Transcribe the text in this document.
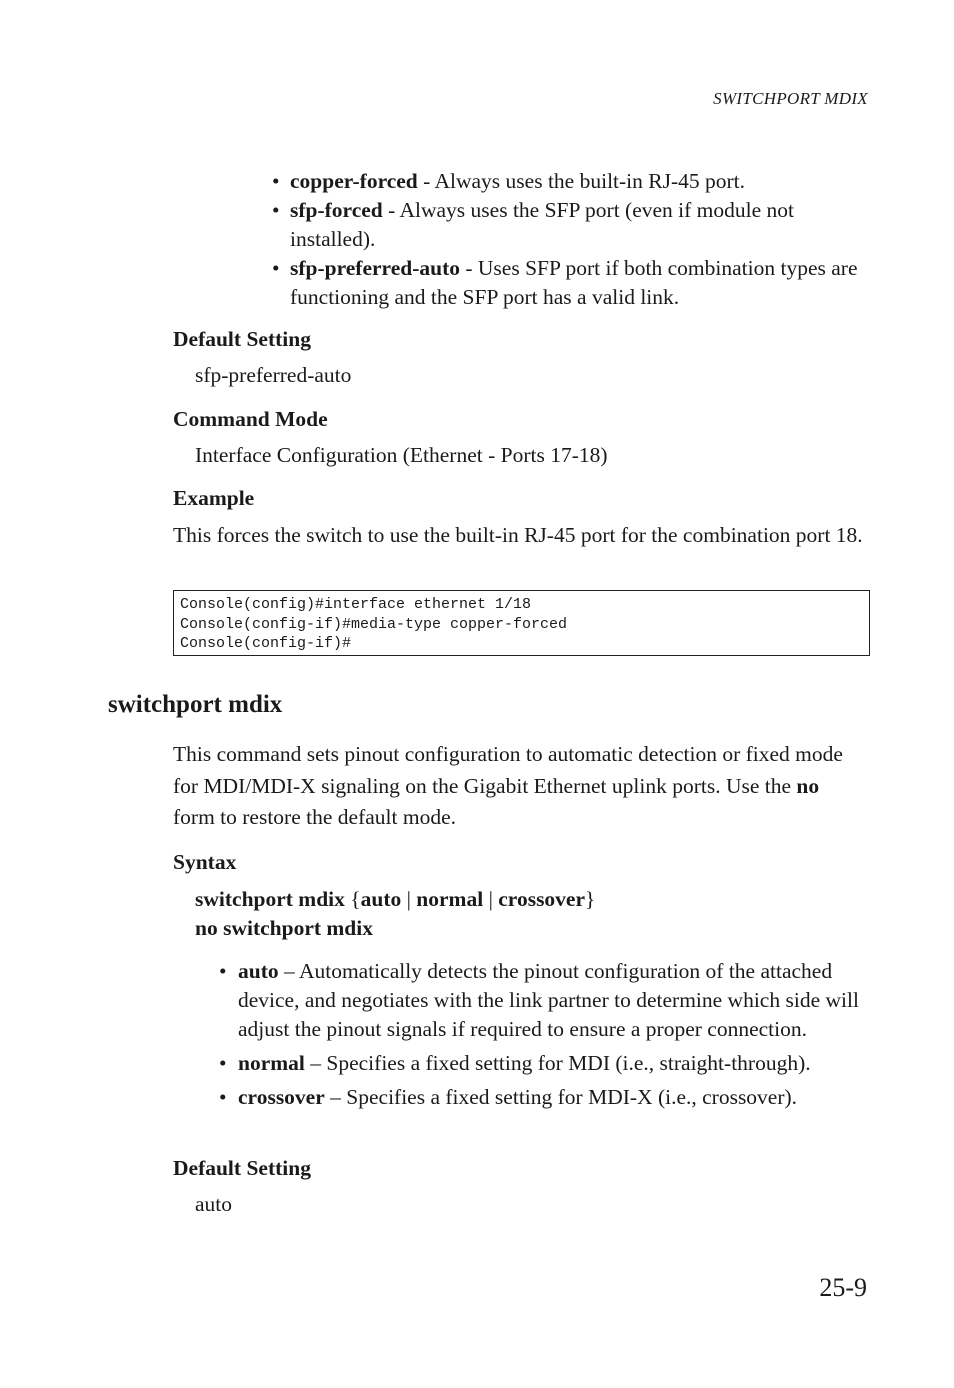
SWITCHPORT MDIX
• copper-forced - Always uses the built-in RJ-45 port.
• sfp-forced - Always uses the SFP port (even if module not installed).
• sfp-preferred-auto - Uses SFP port if both combination types are functioning and the SFP port has a valid link.
Default Setting
sfp-preferred-auto
Command Mode
Interface Configuration (Ethernet - Ports 17-18)
Example
This forces the switch to use the built-in RJ-45 port for the combination port 18.
Console(config)#interface ethernet 1/18
Console(config-if)#media-type copper-forced
Console(config-if)#
switchport mdix
This command sets pinout configuration to automatic detection or fixed mode for MDI/MDI-X signaling on the Gigabit Ethernet uplink ports. Use the no form to restore the default mode.
Syntax
switchport mdix {auto | normal | crossover}
no switchport mdix
• auto – Automatically detects the pinout configuration of the attached device, and negotiates with the link partner to determine which side will adjust the pinout signals if required to ensure a proper connection.
• normal – Specifies a fixed setting for MDI (i.e., straight-through).
• crossover – Specifies a fixed setting for MDI-X (i.e., crossover).
Default Setting
auto
25-9
